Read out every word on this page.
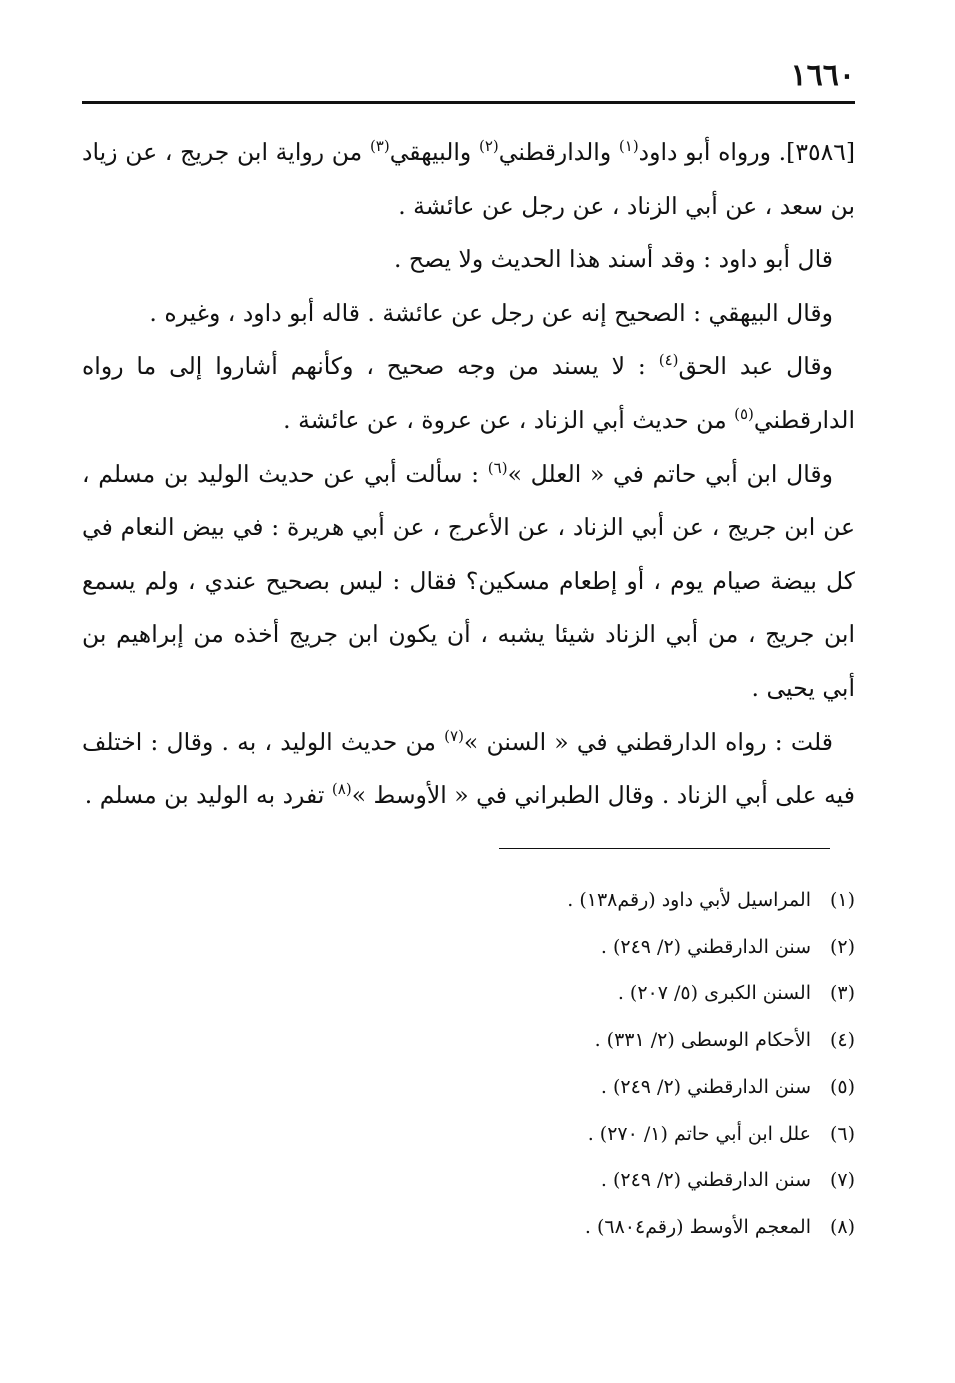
١٦٦٠

[٣٥٨٦]. ورواه أبو داود$^{(١)}$ والدارقطني$^{(٢)}$ والبيهقي$^{(٣)}$ من رواية ابن جريج ، عن زياد بن سعد ، عن أبي الزناد ، عن رجل عن عائشة .

قال أبو داود : وقد أسند هذا الحديث ولا يصح .

وقال البيهقي : الصحيح إنه عن رجل عن عائشة . قاله أبو داود ، وغيره .

وقال عبد الحق$^{(٤)}$ : لا يسند من وجه صحيح ، وكأنهم أشاروا إلى ما رواه الدارقطني$^{(٥)}$ من حديث أبي الزناد ، عن عروة ، عن عائشة .

وقال ابن أبي حاتم في « العلل »$^{(٦)}$ : سألت أبي عن حديث الوليد بن مسلم ، عن ابن جريج ، عن أبي الزناد ، عن الأعرج ، عن أبي هريرة : في بيض النعام في كل بيضة صيام يوم ، أو إطعام مسكين؟ فقال : ليس بصحيح عندي ، ولم يسمع ابن جريج ، من أبي الزناد شيئا يشبه ، أن يكون ابن جريج أخذه من إبراهيم بن أبي يحيى .

قلت : رواه الدارقطني في « السنن »$^{(٧)}$ من حديث الوليد ، به . وقال : اختلف فيه على أبي الزناد . وقال الطبراني في « الأوسط »$^{(٨)}$ تفرد به الوليد بن مسلم .

(١)المراسيل لأبي داود (رقم١٣٨) .
(٢)سنن الدارقطني (٢/ ٢٤٩) .
(٣)السنن الكبرى (٥/ ٢٠٧) .
(٤)الأحكام الوسطى (٢/ ٣٣١) .
(٥)سنن الدارقطني (٢/ ٢٤٩) .
(٦)علل ابن أبي حاتم (١/ ٢٧٠) .
(٧)سنن الدارقطني (٢/ ٢٤٩) .
(٨)المعجم الأوسط (رقم٦٨٠٤) .
